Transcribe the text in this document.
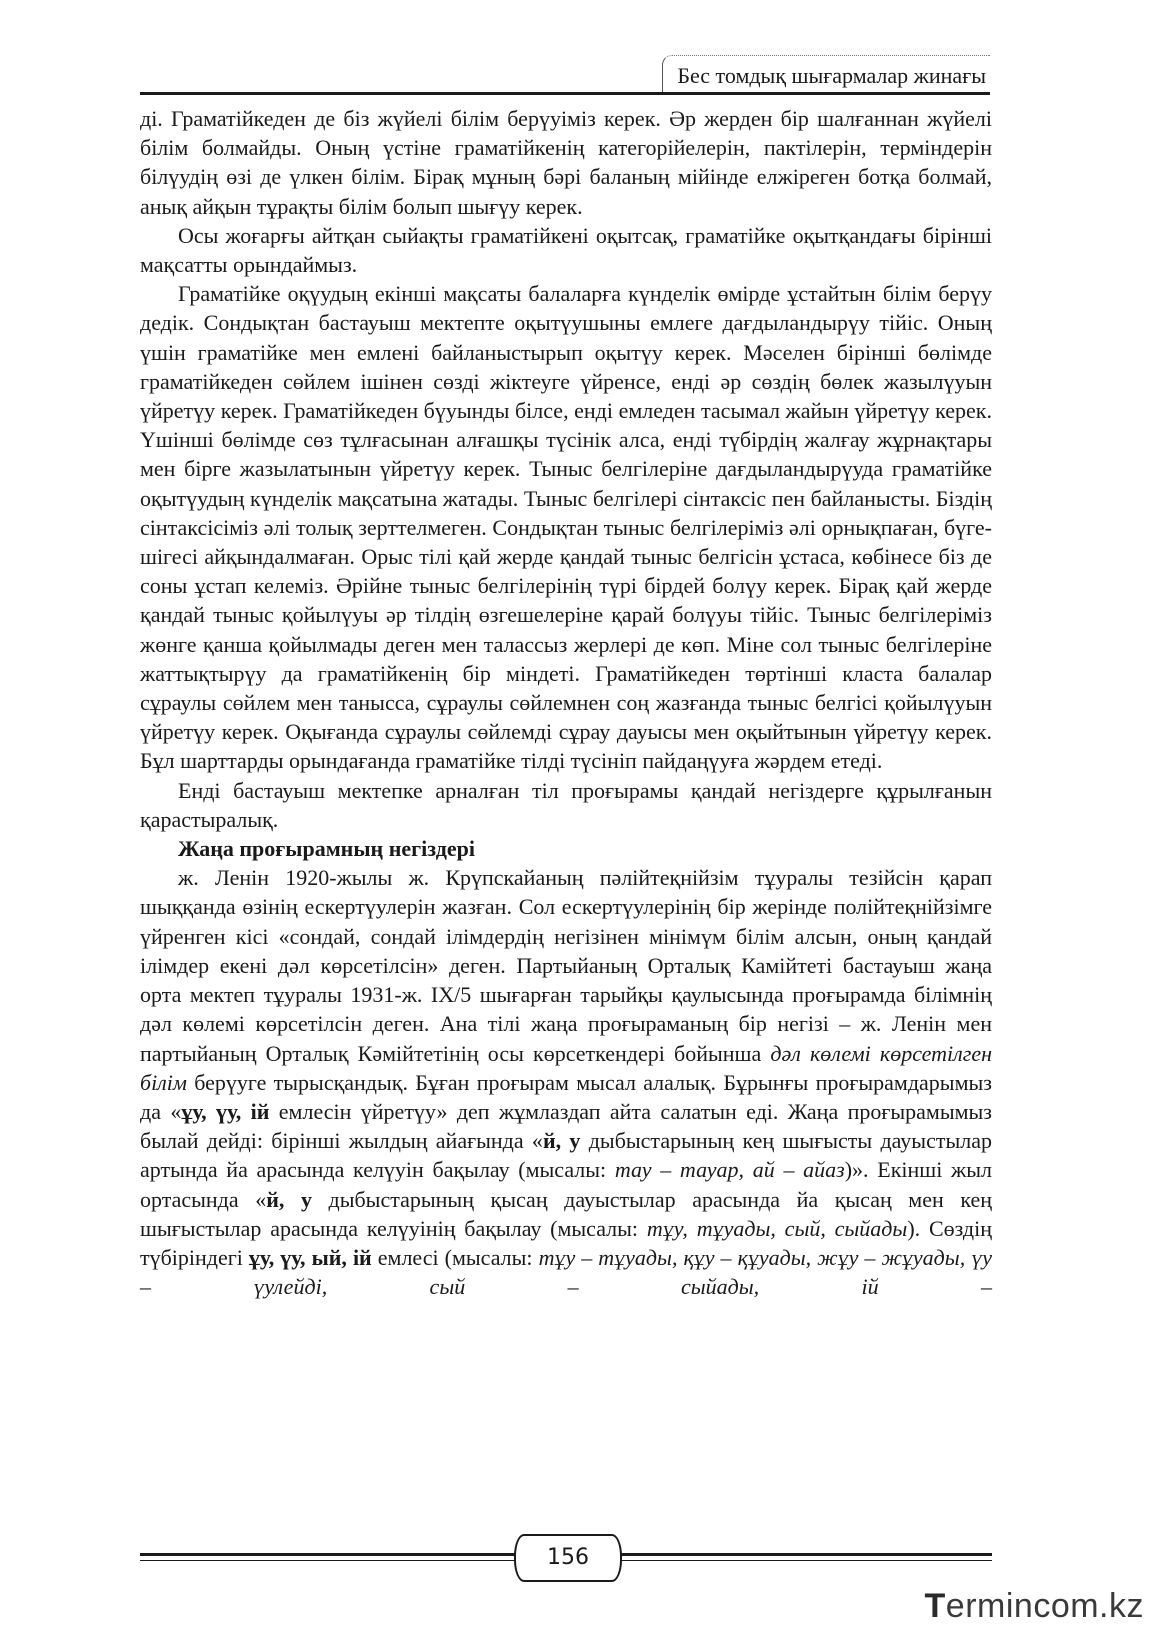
Бес томдық шығармалар жинағы

ді. Граматійкеден де біз жүйелі білім берүуіміз керек. Әр жерден бір шалғаннан жүйелі білім болмайды. Оның үстіне граматійкенің категорійелерін, пактілерін, терміндерін білүудің өзі де үлкен білім. Бірақ мұның бәрі баланың мійінде елжіреген ботқа болмай, анық айқын тұрақты білім болып шығүу керек.

Осы жоғарғы айтқан сыйақты граматійкені оқытсақ, граматійке оқытқандағы бірінші мақсатты орындаймыз.

Граматійке оқүудың екінші мақсаты балаларға күнделік өмірде ұстайтын білім берүу дедік. Сондықтан бастауыш мектепте оқытүушыны емлеге дағдыландырүу тійіс. Оның үшін граматійке мен емлені байланыстырып оқытүу керек. Мәселен бірінші бөлімде граматійкеден сөйлем ішінен сөзді жіктеуге үйренсе, енді әр сөздің бөлек жазылүуын үйретүу керек. Граматійкеден бүуынды білсе, енді емледен тасымал жайын үйретүу керек. Үшінші бөлімде сөз тұлғасынан алғашқы түсінік алса, енді түбірдің жалғау жұрнақтары мен бірге жазылатынын үйретүу керек. Тыныс белгілеріне дағдыландырүуда граматійке оқытүудың күнделік мақсатына жатады. Тыныс белгілері сінтаксіс пен байланысты. Біздің сінтаксісіміз әлі толық зерттелмеген. Сондықтан тыныс белгілеріміз әлі орнықпаған, бүге-шігесі айқындалмаған. Орыс тілі қай жерде қандай тыныс белгісін ұстаса, көбінесе біз де соны ұстап келеміз. Әрійне тыныс белгілерінің түрі бірдей болүу керек. Бірақ қай жерде қандай тыныс қойылүуы әр тілдің өзгешелеріне қарай болүуы тійіс. Тыныс белгілеріміз жөнге қанша қойылмады деген мен талассыз жерлері де көп. Міне сол тыныс белгілеріне жаттықтырүу да граматійкенің бір міндеті. Граматійкеден төртінші класта балалар сұраулы сөйлем мен танысса, сұраулы сөйлемнен соң жазғанда тыныс белгісі қойылүуын үйретүу керек. Оқығанда сұраулы сөйлемді сұрау дауысы мен оқыйтынын үйретүу керек. Бұл шарттарды орындағанда граматійке тілді түсініп пайдаңүуға жәрдем етеді.

Енді бастауыш мектепке арналған тіл проғырамы қандай негіздерге құрылғанын қарастыралық.

Жаңа проғырамның негіздері

ж. Ленін 1920-жылы ж. Крүпскайаның пәлійтеқнійзім тұуралы тезійсін қарап шыққанда өзінің ескертүулерін жазған. Сол ескертүулерінің бір жерінде полійтеқнійзімге үйренген кісі «сондай, сондай ілімдердің негізінен мінімүм білім алсын, оның қандай ілімдер екені дәл көрсетілсін» деген. Партыйаның Орталық Камійтеті бастауыш жаңа орта мектеп тұуралы 1931-ж. IX/5 шығарған тарыйқы қаулысында проғырамда білімнің дәл көлемі көрсетілсін деген. Ана тілі жаңа проғыраманың бір негізі – ж. Ленін мен партыйаның Орталық Кәмійтетінің осы көрсеткендері бойынша дәл көлемі көрсетілген білім берүуге тырысқандық. Бұған проғырам мысал алалық. Бұрынғы проғырамдарымыз да «ұу, үу, ій емлесін үйретүу» деп жұмлаздап айта салатын еді. Жаңа проғырамымыз былай дейді: бірінші жылдың айағында «й, у дыбыстарының кең шығысты дауыстылар артында йа арасында келүуін бақылау (мысалы: тау – тауар, ай – айаз)». Екінші жыл ортасында «й, у дыбыстарының қысаң дауыстылар арасында йа қысаң мен кең шығыстылар арасында келүуінің бақылау (мысалы: тұу, тұуады, сый, сыйады). Сөздің түбіріндегі ұу, үу, ый, ій емлесі (мысалы: тұу – тұуады, құу – құуады, жұу – жұуады, үу – үулейді, сый – сыйады, ій –

156
Termincom.kz
